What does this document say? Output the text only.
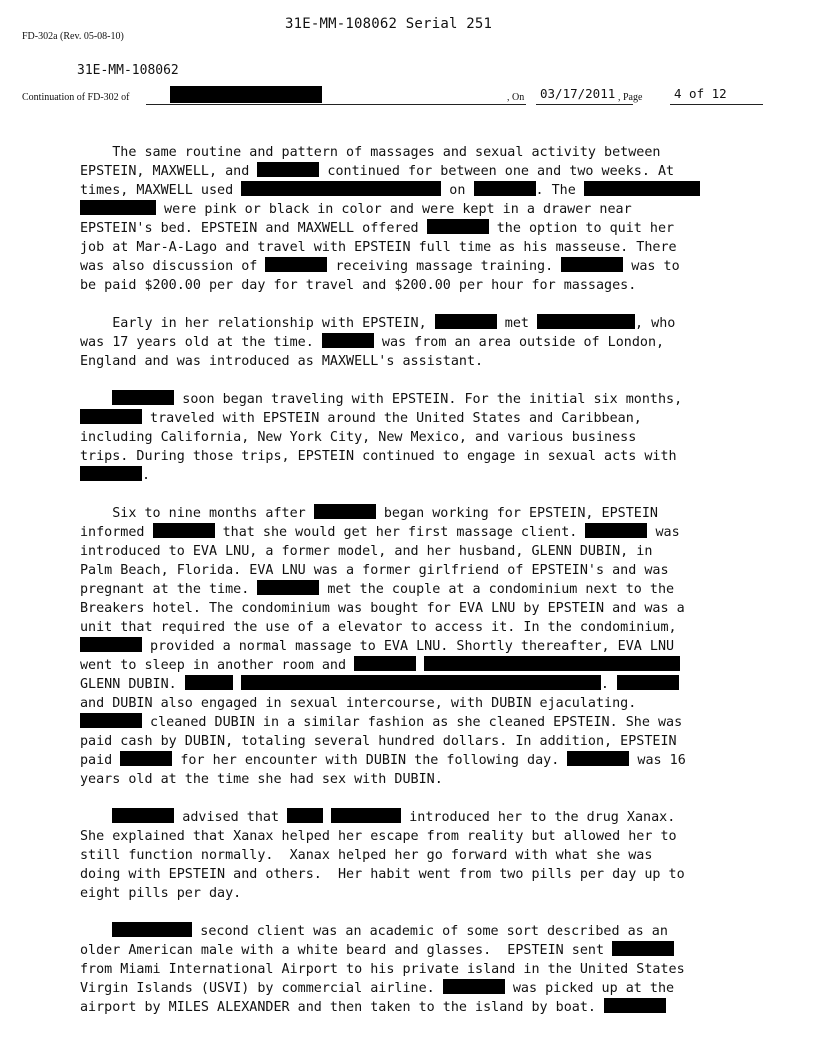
31E-MM-108062 Serial 251
FD-302a (Rev. 05-08-10)
31E-MM-108062
Continuation of FD-302 of	, On 03/17/2011 , Page	4 of 12

The same routine and pattern of massages and sexual activity between
EPSTEIN, MAXWELL, and	continued for between one and two weeks. At
times, MAXWELL used	on	. The
were pink or black in color and were kept in a drawer near
EPSTEIN's bed. EPSTEIN and MAXWELL offered	the option to quit her
job at Mar-A-Lago and travel with EPSTEIN full time as his masseuse. There
was also discussion of	receiving massage training.	was to
be paid $200.00 per day for travel and $200.00 per hour for massages.

Early in her relationship with EPSTEIN,	met	, who
was 17 years old at the time.	was from an area outside of London,
England and was introduced as MAXWELL's assistant.

soon began traveling with EPSTEIN. For the initial six months,
traveled with EPSTEIN around the United States and Caribbean,
including California, New York City, New Mexico, and various business
trips. During those trips, EPSTEIN continued to engage in sexual acts with
.

Six to nine months after	began working for EPSTEIN, EPSTEIN
informed	that she would get her first massage client.	was
introduced to EVA LNU, a former model, and her husband, GLENN DUBIN, in
Palm Beach, Florida. EVA LNU was a former girlfriend of EPSTEIN's and was
pregnant at the time.	met the couple at a condominium next to the
Breakers hotel. The condominium was bought for EVA LNU by EPSTEIN and was a
unit that required the use of a elevator to access it. In the condominium,
provided a normal massage to EVA LNU. Shortly thereafter, EVA LNU
went to sleep in another room and
GLENN DUBIN.	.
and DUBIN also engaged in sexual intercourse, with DUBIN ejaculating.
cleaned DUBIN in a similar fashion as she cleaned EPSTEIN. She was
paid cash by DUBIN, totaling several hundred dollars. In addition, EPSTEIN
paid	for her encounter with DUBIN the following day.	was 16
years old at the time she had sex with DUBIN.

advised that	introduced her to the drug Xanax.
She explained that Xanax helped her escape from reality but allowed her to
still function normally.  Xanax helped her go forward with what she was
doing with EPSTEIN and others.  Her habit went from two pills per day up to
eight pills per day.

second client was an academic of some sort described as an
older American male with a white beard and glasses.  EPSTEIN sent
from Miami International Airport to his private island in the United States
Virgin Islands (USVI) by commercial airline.	was picked up at the
airport by MILES ALEXANDER and then taken to the island by boat.
